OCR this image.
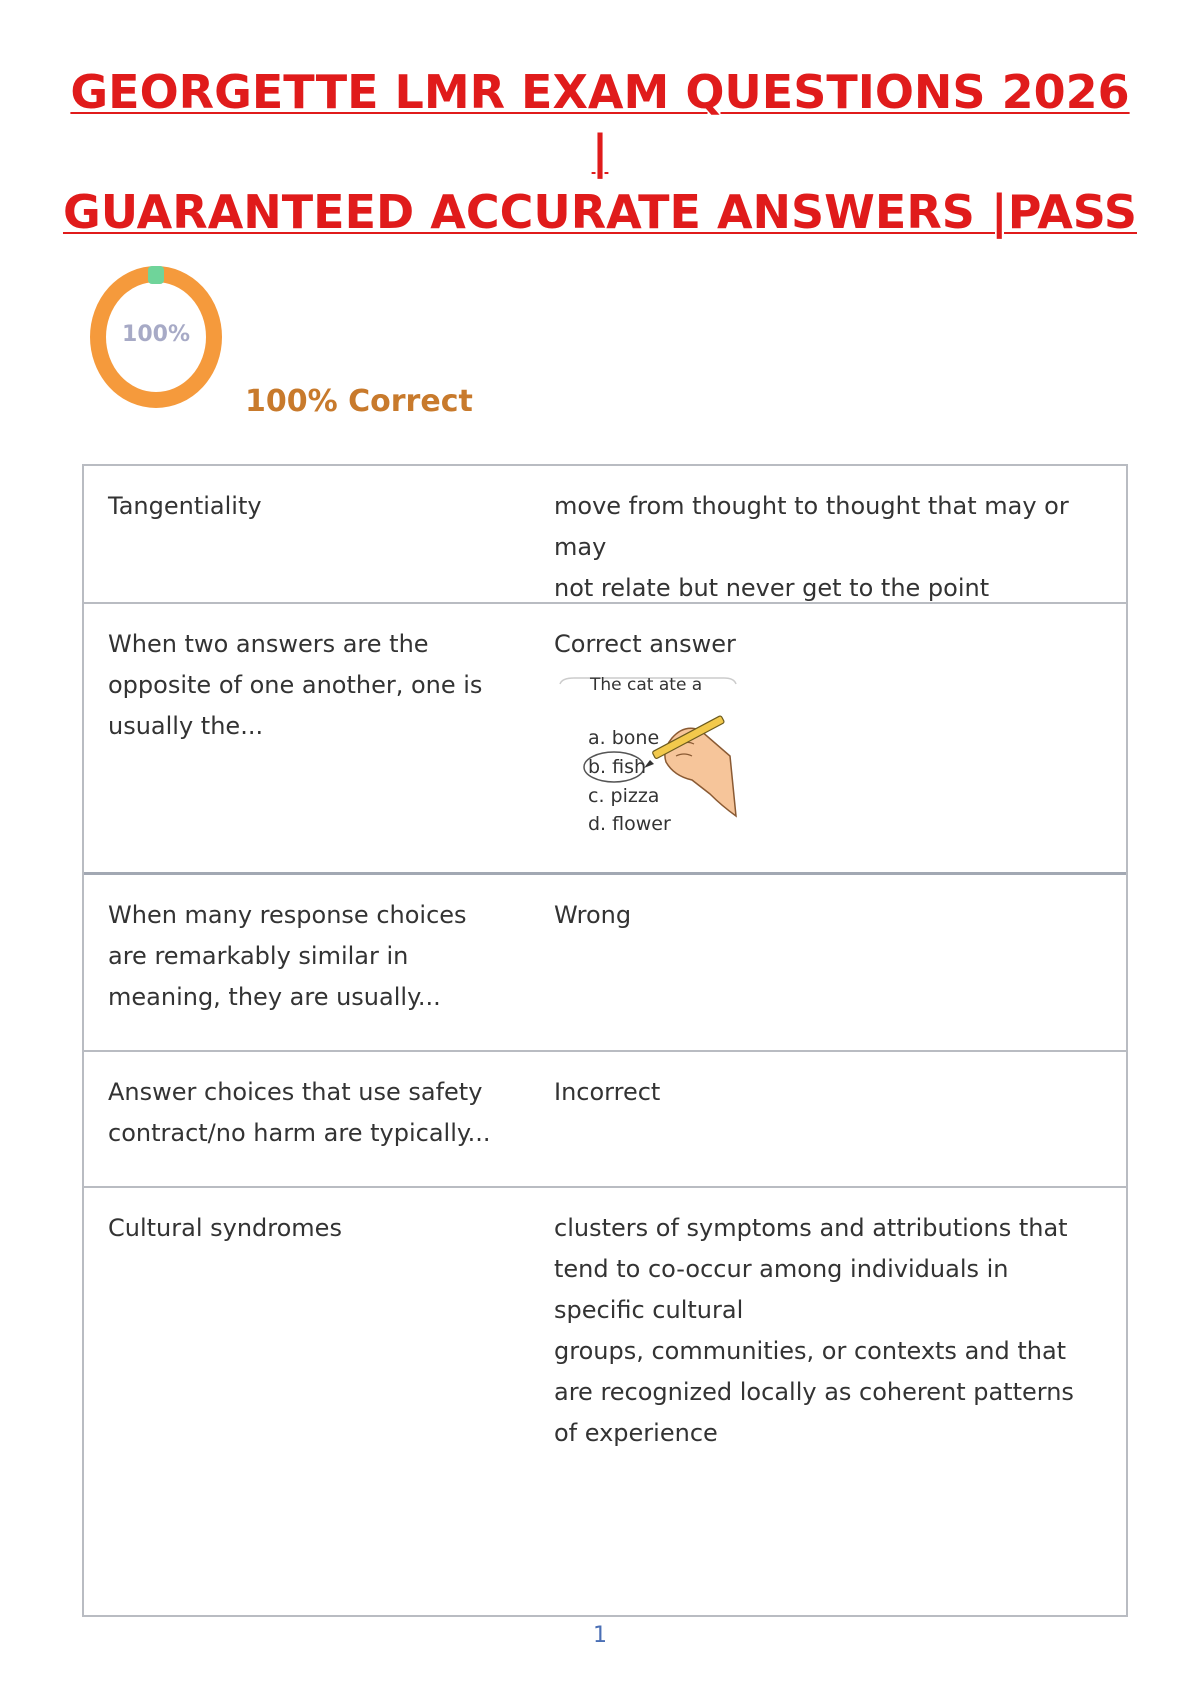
GEORGETTE LMR EXAM QUESTIONS 2026 |
GUARANTEED ACCURATE ANSWERS |PASS
100%
100% Correct
Tangentiality	move from thought to thought that may or may
not relate but never get to the point
When two answers are the opposite of one another, one is usually the...
Correct answer
The cat ate a
a. bone
b. fish
c. pizza
d. flower
When many response choices are remarkably similar in meaning, they are usually...
Wrong
Answer choices that use safety contract/no harm are typically...
Incorrect
Cultural syndromes	clusters of symptoms and attributions that tend to co-occur among individuals in specific cultural
groups, communities, or contexts and that are recognized locally as coherent patterns of experience
1
